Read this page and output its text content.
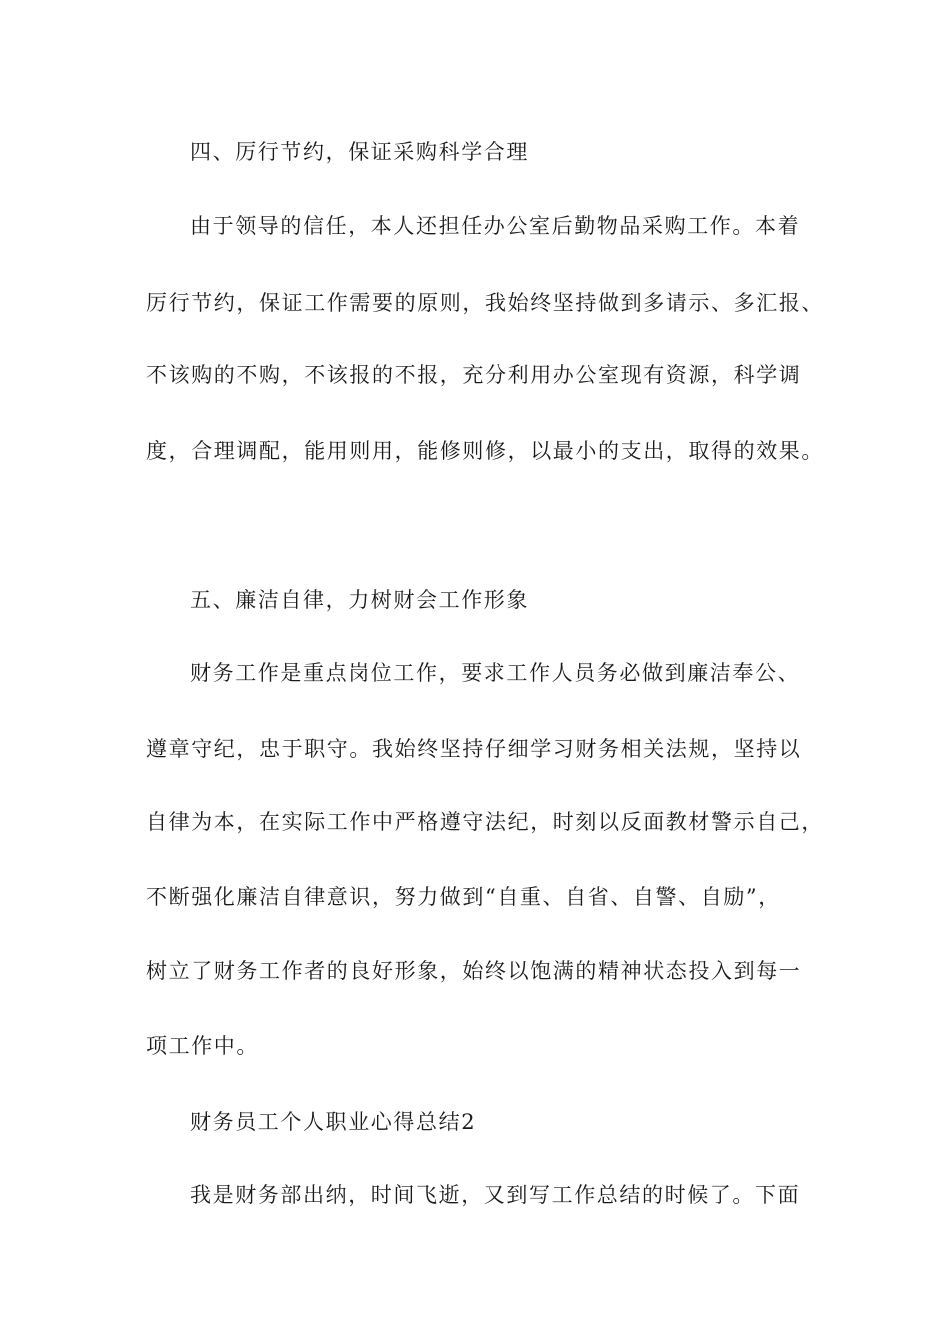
四、厉行节约，保证采购科学合理
由于领导的信任，本人还担任办公室后勤物品采购工作。本着
厉行节约，保证工作需要的原则，我始终坚持做到多请示、多汇报、
不该购的不购，不该报的不报，充分利用办公室现有资源，科学调
度，合理调配，能用则用，能修则修，以最小的支出，取得的效果。
五、廉洁自律，力树财会工作形象
财务工作是重点岗位工作，要求工作人员务必做到廉洁奉公、
遵章守纪，忠于职守。我始终坚持仔细学习财务相关法规，坚持以
自律为本，在实际工作中严格遵守法纪，时刻以反面教材警示自己，
不断强化廉洁自律意识，努力做到“自重、自省、自警、自励”，
树立了财务工作者的良好形象，始终以饱满的精神状态投入到每一
项工作中。
财务员工个人职业心得总结2
我是财务部出纳，时间飞逝，又到写工作总结的时候了。下面
